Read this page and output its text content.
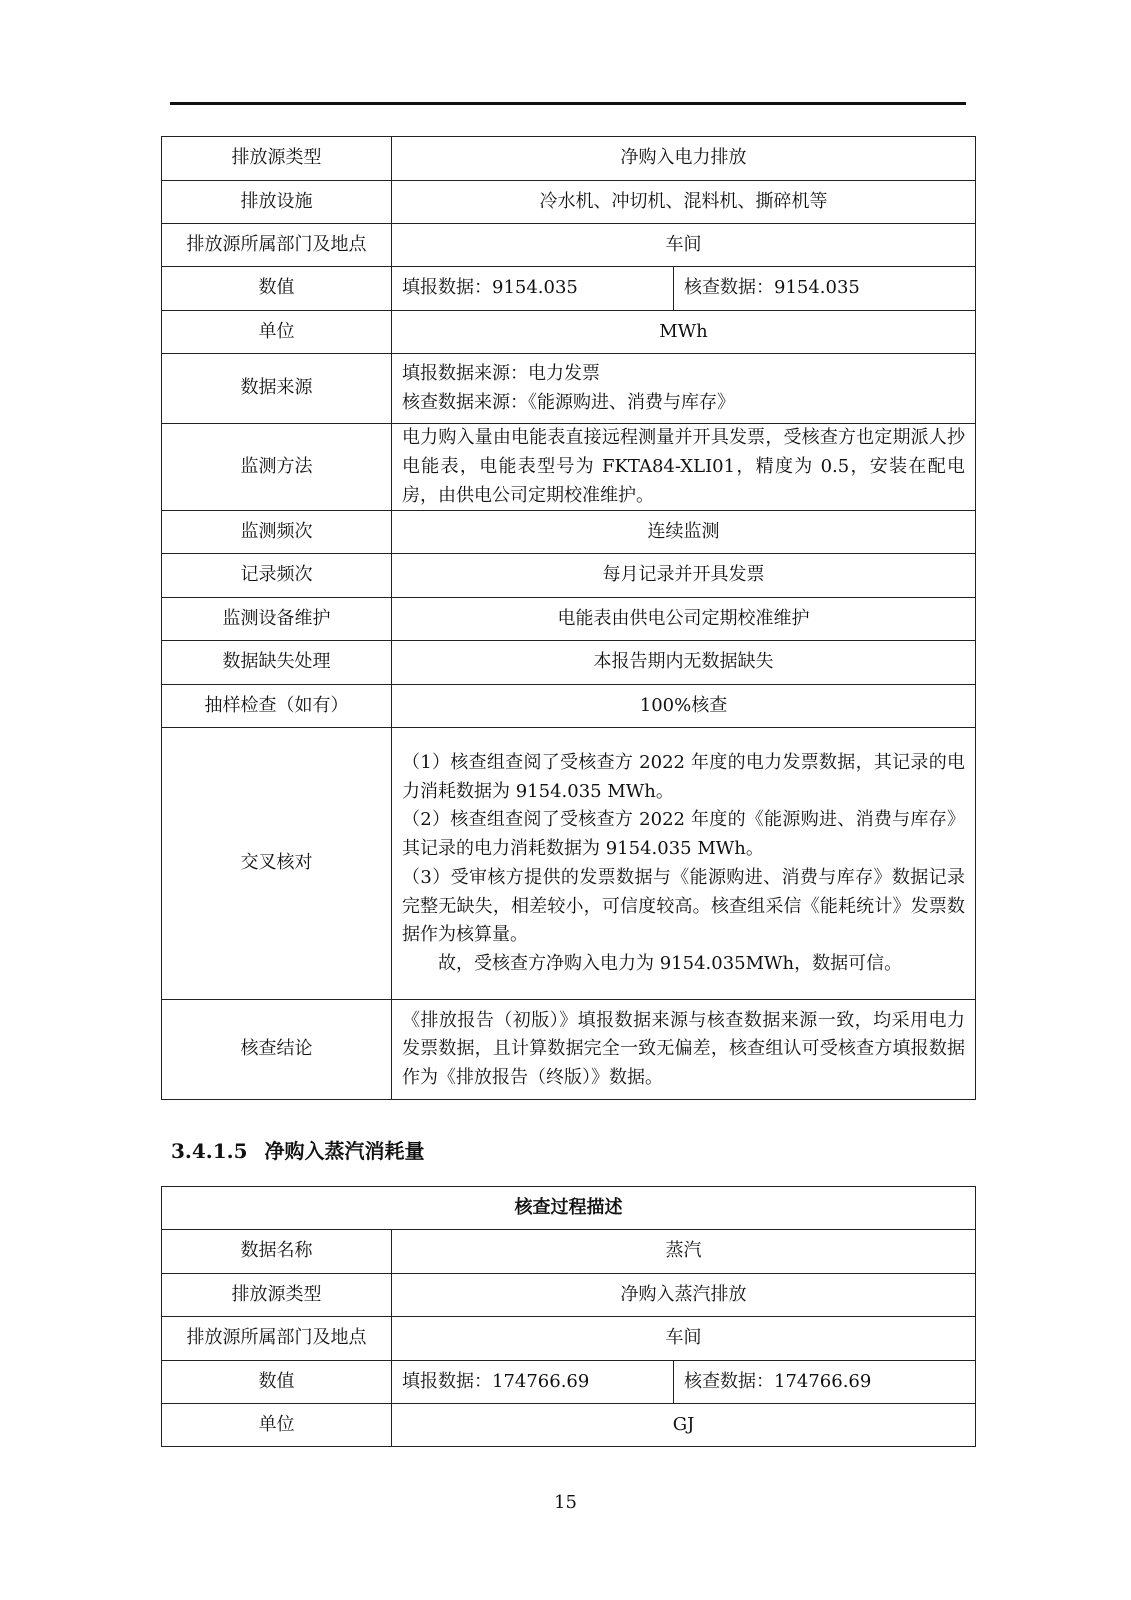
排放源类型	净购入电力排放	
排放设施	冷水机、冲切机、混料机、撕碎机等	
排放源所属部门及地点	车间	
数值	填报数据：9154.035	核查数据：9154.035
单位	MWh	
数据来源	填报数据来源：电力发票
核查数据来源：《能源购进、消费与库存》	

监测方法	电力购入量由电能表直接远程测量并开具发票，受核查方也定期派人抄电能表，电能表型号为 FKTA84-XLI01，精度为 0.5，安装在配电房，由供电公司定期校准维护。	
监测频次	连续监测	
记录频次	每月记录并开具发票	
监测设备维护	电能表由供电公司定期校准维护	
数据缺失处理	本报告期内无数据缺失	
抽样检查（如有）	100%核查	
交叉核对	（1）核查组查阅了受核查方 2022 年度的电力发票数据，其记录的电力消耗数据为 9154.035 MWh。
（2）核查组查阅了受核查方 2022 年度的《能源购进、消费与库存》其记录的电力消耗数据为 9154.035 MWh。
（3）受审核方提供的发票数据与《能源购进、消费与库存》数据记录完整无缺失，相差较小，可信度较高。核查组采信《能耗统计》发票数据作为核算量。
故，受核查方净购入电力为 9154.035MWh，数据可信。	

核查结论	《排放报告（初版）》填报数据来源与核查数据来源一致，均采用电力发票数据，且计算数据完全一致无偏差，核查组认可受核查方填报数据作为《排放报告（终版）》数据。	
3.4.1.5 净购入蒸汽消耗量
核查过程描述		
数据名称	蒸汽	
排放源类型	净购入蒸汽排放	
排放源所属部门及地点	车间	
数值	填报数据：174766.69	核查数据：174766.69
单位	GJ	
15
